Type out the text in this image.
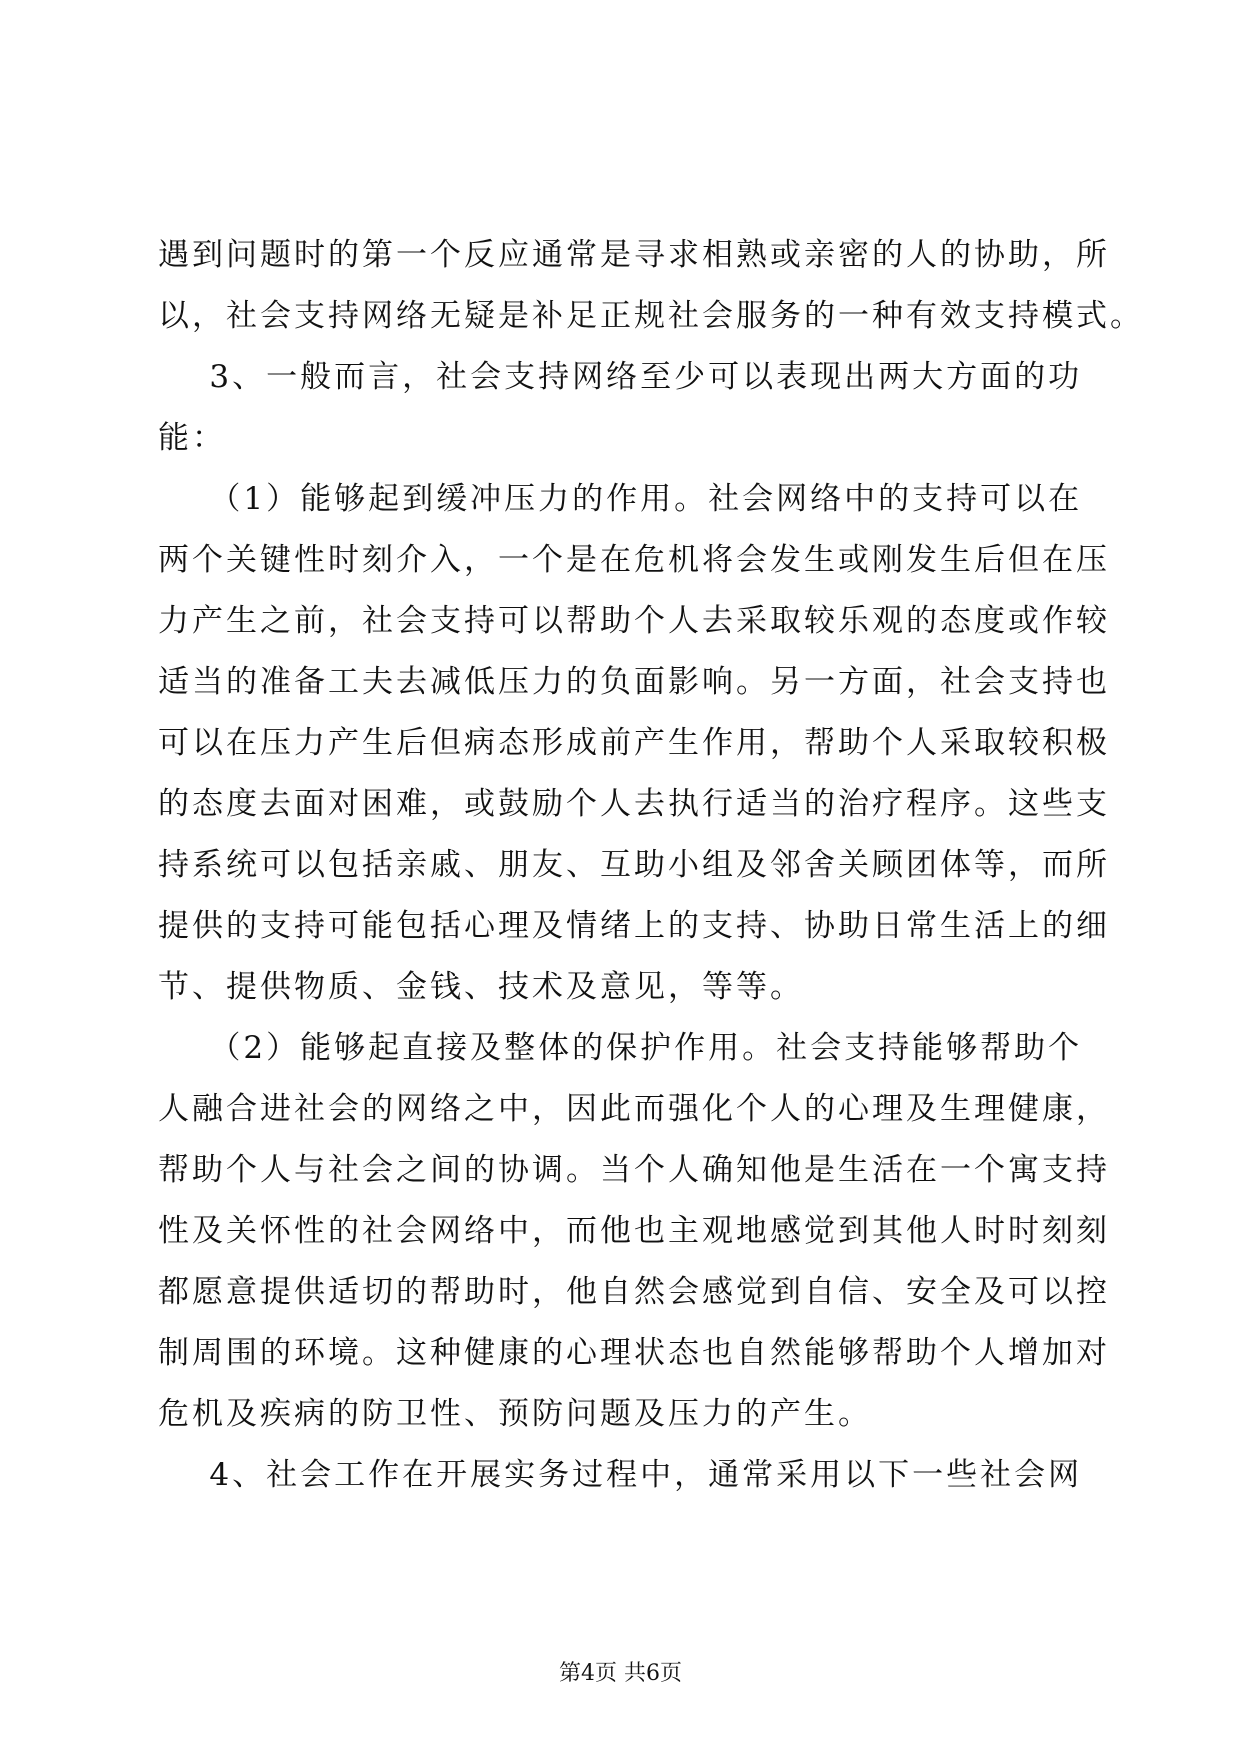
遇到问题时的第一个反应通常是寻求相熟或亲密的人的协助，所
以，社会支持网络无疑是补足正规社会服务的一种有效支持模式。
3、一般而言，社会支持网络至少可以表现出两大方面的功
能：
（1）能够起到缓冲压力的作用。社会网络中的支持可以在
两个关键性时刻介入，一个是在危机将会发生或刚发生后但在压
力产生之前，社会支持可以帮助个人去采取较乐观的态度或作较
适当的准备工夫去减低压力的负面影响。另一方面，社会支持也
可以在压力产生后但病态形成前产生作用，帮助个人采取较积极
的态度去面对困难，或鼓励个人去执行适当的治疗程序。这些支
持系统可以包括亲戚、朋友、互助小组及邻舍关顾团体等，而所
提供的支持可能包括心理及情绪上的支持、协助日常生活上的细
节、提供物质、金钱、技术及意见，等等。
（2）能够起直接及整体的保护作用。社会支持能够帮助个
人融合进社会的网络之中，因此而强化个人的心理及生理健康，
帮助个人与社会之间的协调。当个人确知他是生活在一个寓支持
性及关怀性的社会网络中，而他也主观地感觉到其他人时时刻刻
都愿意提供适切的帮助时，他自然会感觉到自信、安全及可以控
制周围的环境。这种健康的心理状态也自然能够帮助个人增加对
危机及疾病的防卫性、预防问题及压力的产生。
4、社会工作在开展实务过程中，通常采用以下一些社会网
第4页 共6页
